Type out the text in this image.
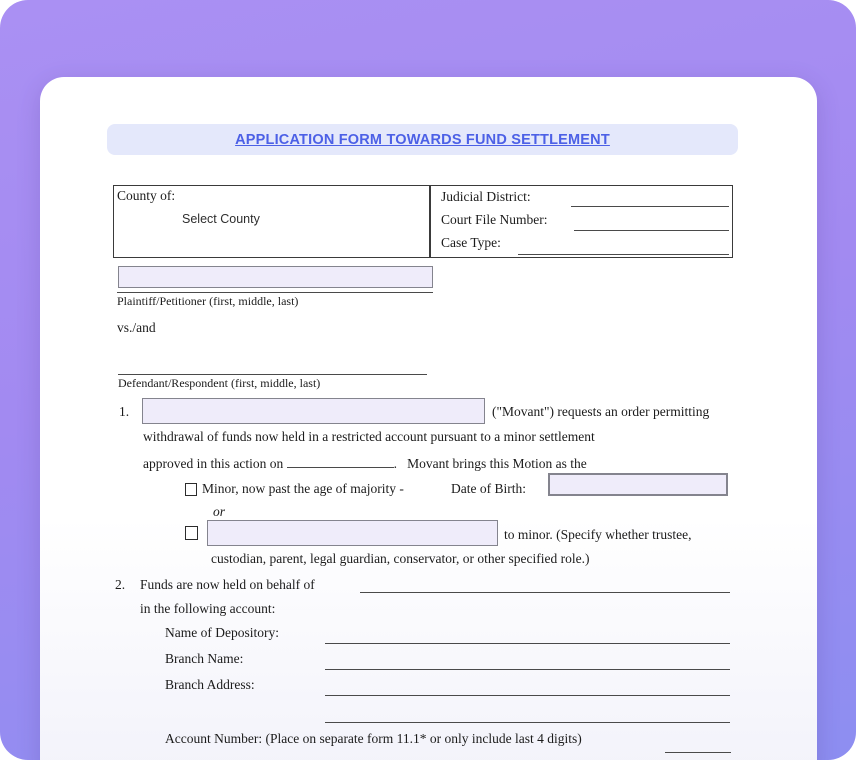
APPLICATION FORM TOWARDS FUND SETTLEMENT
County of:
Select County
Judicial District:
Court File Number:
Case Type:
Plaintiff/Petitioner (first, middle, last)
vs./and
Defendant/Respondent (first, middle, last)
1.	("Movant") requests an order permitting
withdrawal of funds now held in a restricted account pursuant to a minor settlement
approved in this action on	.   Movant brings this Motion as the
Minor, now past the age of majority -	Date of Birth:
or
to minor. (Specify whether trustee,
custodian, parent, legal guardian, conservator, or other specified role.)
2. Funds are now held on behalf of
in the following account:
Name of Depository:
Branch Name:
Branch Address:
Account Number: (Place on separate form 11.1* or only include last 4 digits)
